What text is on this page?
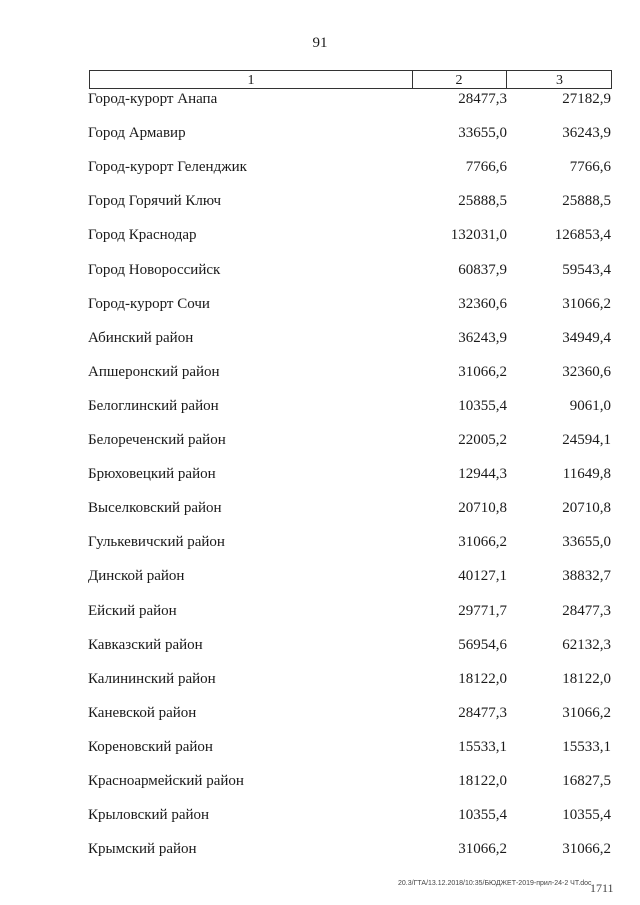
91
1	2	3
Город-курорт Анапа	28477,3	27182,9
Город Армавир	33655,0	36243,9
Город-курорт Геленджик	7766,6	7766,6
Город Горячий Ключ	25888,5	25888,5
Город Краснодар	132031,0	126853,4
Город Новороссийск	60837,9	59543,4
Город-курорт Сочи	32360,6	31066,2
Абинский район	36243,9	34949,4
Апшеронский район	31066,2	32360,6
Белоглинский район	10355,4	9061,0
Белореченский район	22005,2	24594,1
Брюховецкий район	12944,3	11649,8
Выселковский район	20710,8	20710,8
Гулькевичский район	31066,2	33655,0
Динской район	40127,1	38832,7
Ейский район	29771,7	28477,3
Кавказский район	56954,6	62132,3
Калининский район	18122,0	18122,0
Каневской район	28477,3	31066,2
Кореновский район	15533,1	15533,1
Красноармейский район	18122,0	16827,5
Крыловский район	10355,4	10355,4
Крымский район	31066,2	31066,2
20.3/ГТА/13.12.2018/10:35/БЮДЖЕТ-2019-прил-24-2 ЧТ.doc
1711
